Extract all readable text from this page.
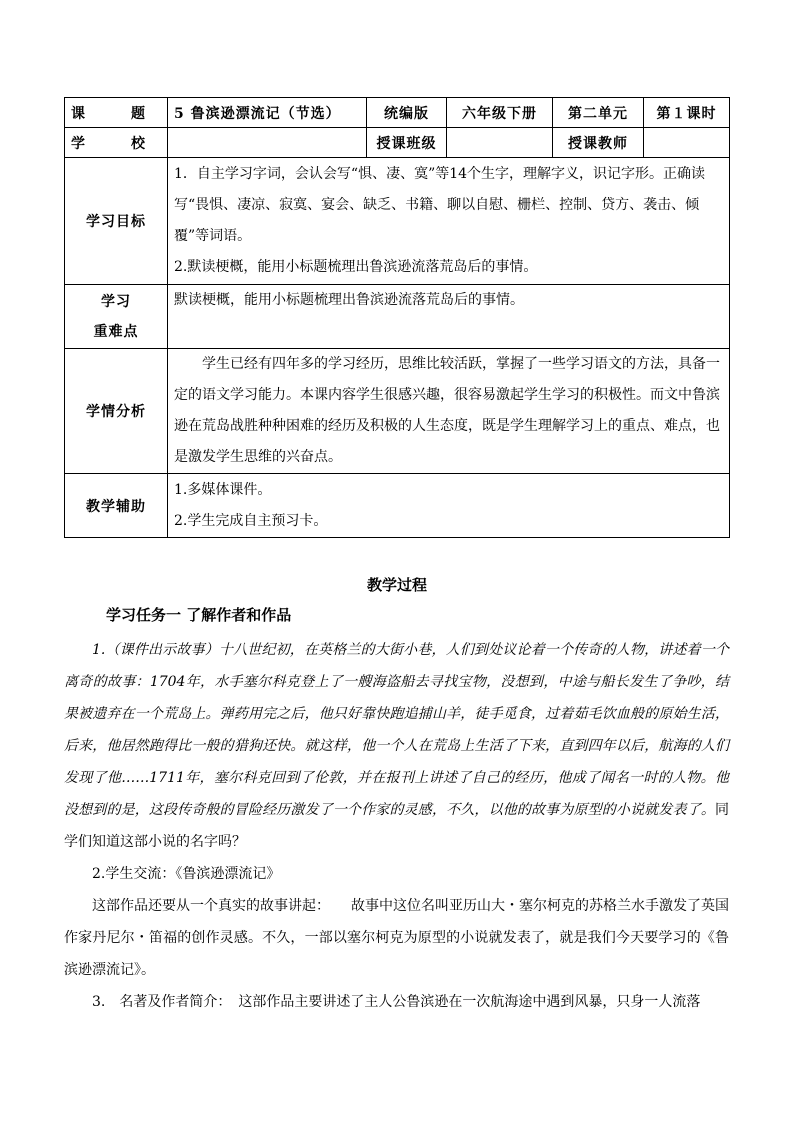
课　题	5 鲁滨逊漂流记（节选）	统编版	六年级下册	第二单元	第１课时
学　校		授课班级		授课教师	
学习目标	1．自主学习字词，会认会写“惧、凄、寞”等14个生字，理解字义，识记字形。正确读写“畏惧、凄凉、寂寞、宴会、缺乏、书籍、聊以自慰、栅栏、控制、贷方、袭击、倾覆”等词语。

2.默读梗概，能用小标题梳理出鲁滨逊流落荒岛后的事情。				

学习
重难点	默读梗概，能用小标题梳理出鲁滨逊流落荒岛后的事情。				

学情分析	学生已经有四年多的学习经历，思维比较活跃，掌握了一些学习语文的方法，具备一定的语文学习能力。本课内容学生很感兴趣，很容易激起学生学习的积极性。而文中鲁滨逊在荒岛战胜种种困难的经历及积极的人生态度，既是学生理解学习上的重点、难点，也是激发学生思维的兴奋点。				

教学辅助	1.多媒体课件。

2.学生完成自主预习卡。				

教学过程
学习任务一 了解作者和作品

1.（课件出示故事）十八世纪初，在英格兰的大街小巷，人们到处议论着一个传奇的人物，讲述着一个离奇的故事：1704年，水手塞尔科克登上了一艘海盗船去寻找宝物，没想到，中途与船长发生了争吵，结果被遗弃在一个荒岛上。弹药用完之后，他只好靠快跑追捕山羊，徒手觅食，过着茹毛饮血般的原始生活，后来，他居然跑得比一般的猎狗还快。就这样，他一个人在荒岛上生活了下来，直到四年以后，航海的人们发现了他……1711年，塞尔科克回到了伦敦，并在报刊上讲述了自己的经历，他成了闻名一时的人物。他没想到的是，这段传奇般的冒险经历激发了一个作家的灵感，不久，以他的故事为原型的小说就发表了。同学们知道这部小说的名字吗？

2.学生交流：《鲁滨逊漂流记》

这部作品还要从一个真实的故事讲起：　　故事中这位名叫亚历山大・塞尔柯克的苏格兰水手激发了英国作家丹尼尔・笛福的创作灵感。不久，一部以塞尔柯克为原型的小说就发表了，就是我们今天要学习的《鲁滨逊漂流记》。

3.　名著及作者简介：　这部作品主要讲述了主人公鲁滨逊在一次航海途中遇到风暴，只身一人流落
